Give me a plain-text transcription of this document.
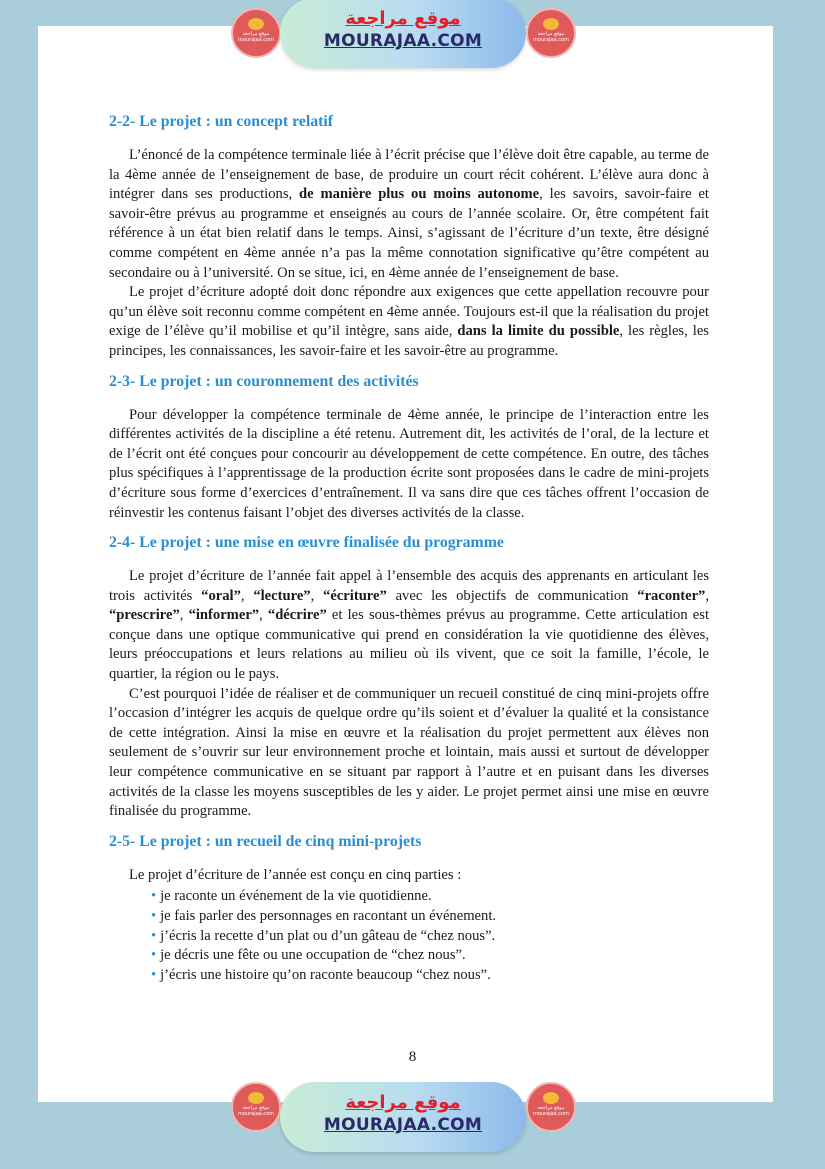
موقع مراجعة
mourajaa.com
موقع مراجعة
MOURAJAA.COM	موقع مراجعة
mourajaa.com
2-2- Le projet : un concept relatif

L’énoncé de la compétence terminale liée à l’écrit précise que l’élève doit être capable, au terme de la 4ème année de l’enseignement de base, de produire un court récit cohérent. L’élève aura donc à intégrer dans ses productions, de manière plus ou moins autonome, les savoirs, savoir-faire et savoir-être prévus au programme et enseignés au cours de l’année scolaire. Or, être compétent fait référence à un état bien relatif dans le temps. Ainsi, s’agissant de l’écriture d’un texte, être désigné comme compétent en 4ème année n’a pas la même connotation significative qu’être compétent au secondaire ou à l’université. On se situe, ici, en 4ème année de l’enseignement de base.

Le projet d’écriture adopté doit donc répondre aux exigences que cette appellation recouvre pour qu’un élève soit reconnu comme compétent en 4ème année. Toujours est-il que la réalisation du projet exige de l’élève qu’il mobilise et qu’il intègre, sans aide, dans la limite du possible, les règles, les principes, les connaissances, les savoir-faire et les savoir-être au programme.

2-3- Le projet : un couronnement des activités

Pour développer la compétence terminale de 4ème année, le principe de l’interaction entre les différentes activités de la discipline a été retenu. Autrement dit, les activités de l’oral, de la lecture et de l’écrit ont été conçues pour concourir au développement de cette compétence. En outre, des tâches plus spécifiques à l’apprentissage de la production écrite sont proposées dans le cadre de mini-projets d’écriture sous forme d’exercices d’entraînement. Il va sans dire que ces tâches offrent l’occasion de réinvestir les contenus faisant l’objet des diverses activités de la classe.

2-4- Le projet : une mise en œuvre finalisée du programme

Le projet d’écriture de l’année fait appel à l’ensemble des acquis des apprenants en articulant les trois activités “oral”, “lecture”, “écriture” avec les objectifs de communication “raconter”, “prescrire”, “informer”, “décrire” et les sous-thèmes prévus au programme. Cette articulation est conçue dans une optique communicative qui prend en considération la vie quotidienne des élèves, leurs préoccupations et leurs relations au milieu où ils vivent, que ce soit la famille, l’école, le quartier, la région ou le pays.

C’est pourquoi l’idée de réaliser et de communiquer un recueil constitué de cinq mini-projets offre l’occasion d’intégrer les acquis de quelque ordre qu’ils soient et d’évaluer la qualité et la consistance de cette intégration. Ainsi la mise en œuvre et la réalisation du projet permettent aux élèves non seulement de s’ouvrir sur leur environnement proche et lointain, mais aussi et surtout de développer leur compétence communicative en se situant par rapport à l’autre et en puisant dans les diverses activités de la classe les moyens susceptibles de les y aider. Le projet permet ainsi une mise en œuvre finalisée du programme.

2-5- Le projet : un recueil de cinq mini-projets

Le projet d’écriture de l’année est conçu en cinq parties :

• je raconte un événement de la vie quotidienne.
• je fais parler des personnages en racontant un événement.
• j’écris la recette d’un plat ou d’un gâteau de “chez nous”.
• je décris une fête ou une occupation de “chez nous”.
• j’écris une histoire qu’on raconte beaucoup “chez nous”.
8
موقع مراجعة
mourajaa.com
موقع مراجعة
MOURAJAA.COM
موقع مراجعة
mourajaa.com
